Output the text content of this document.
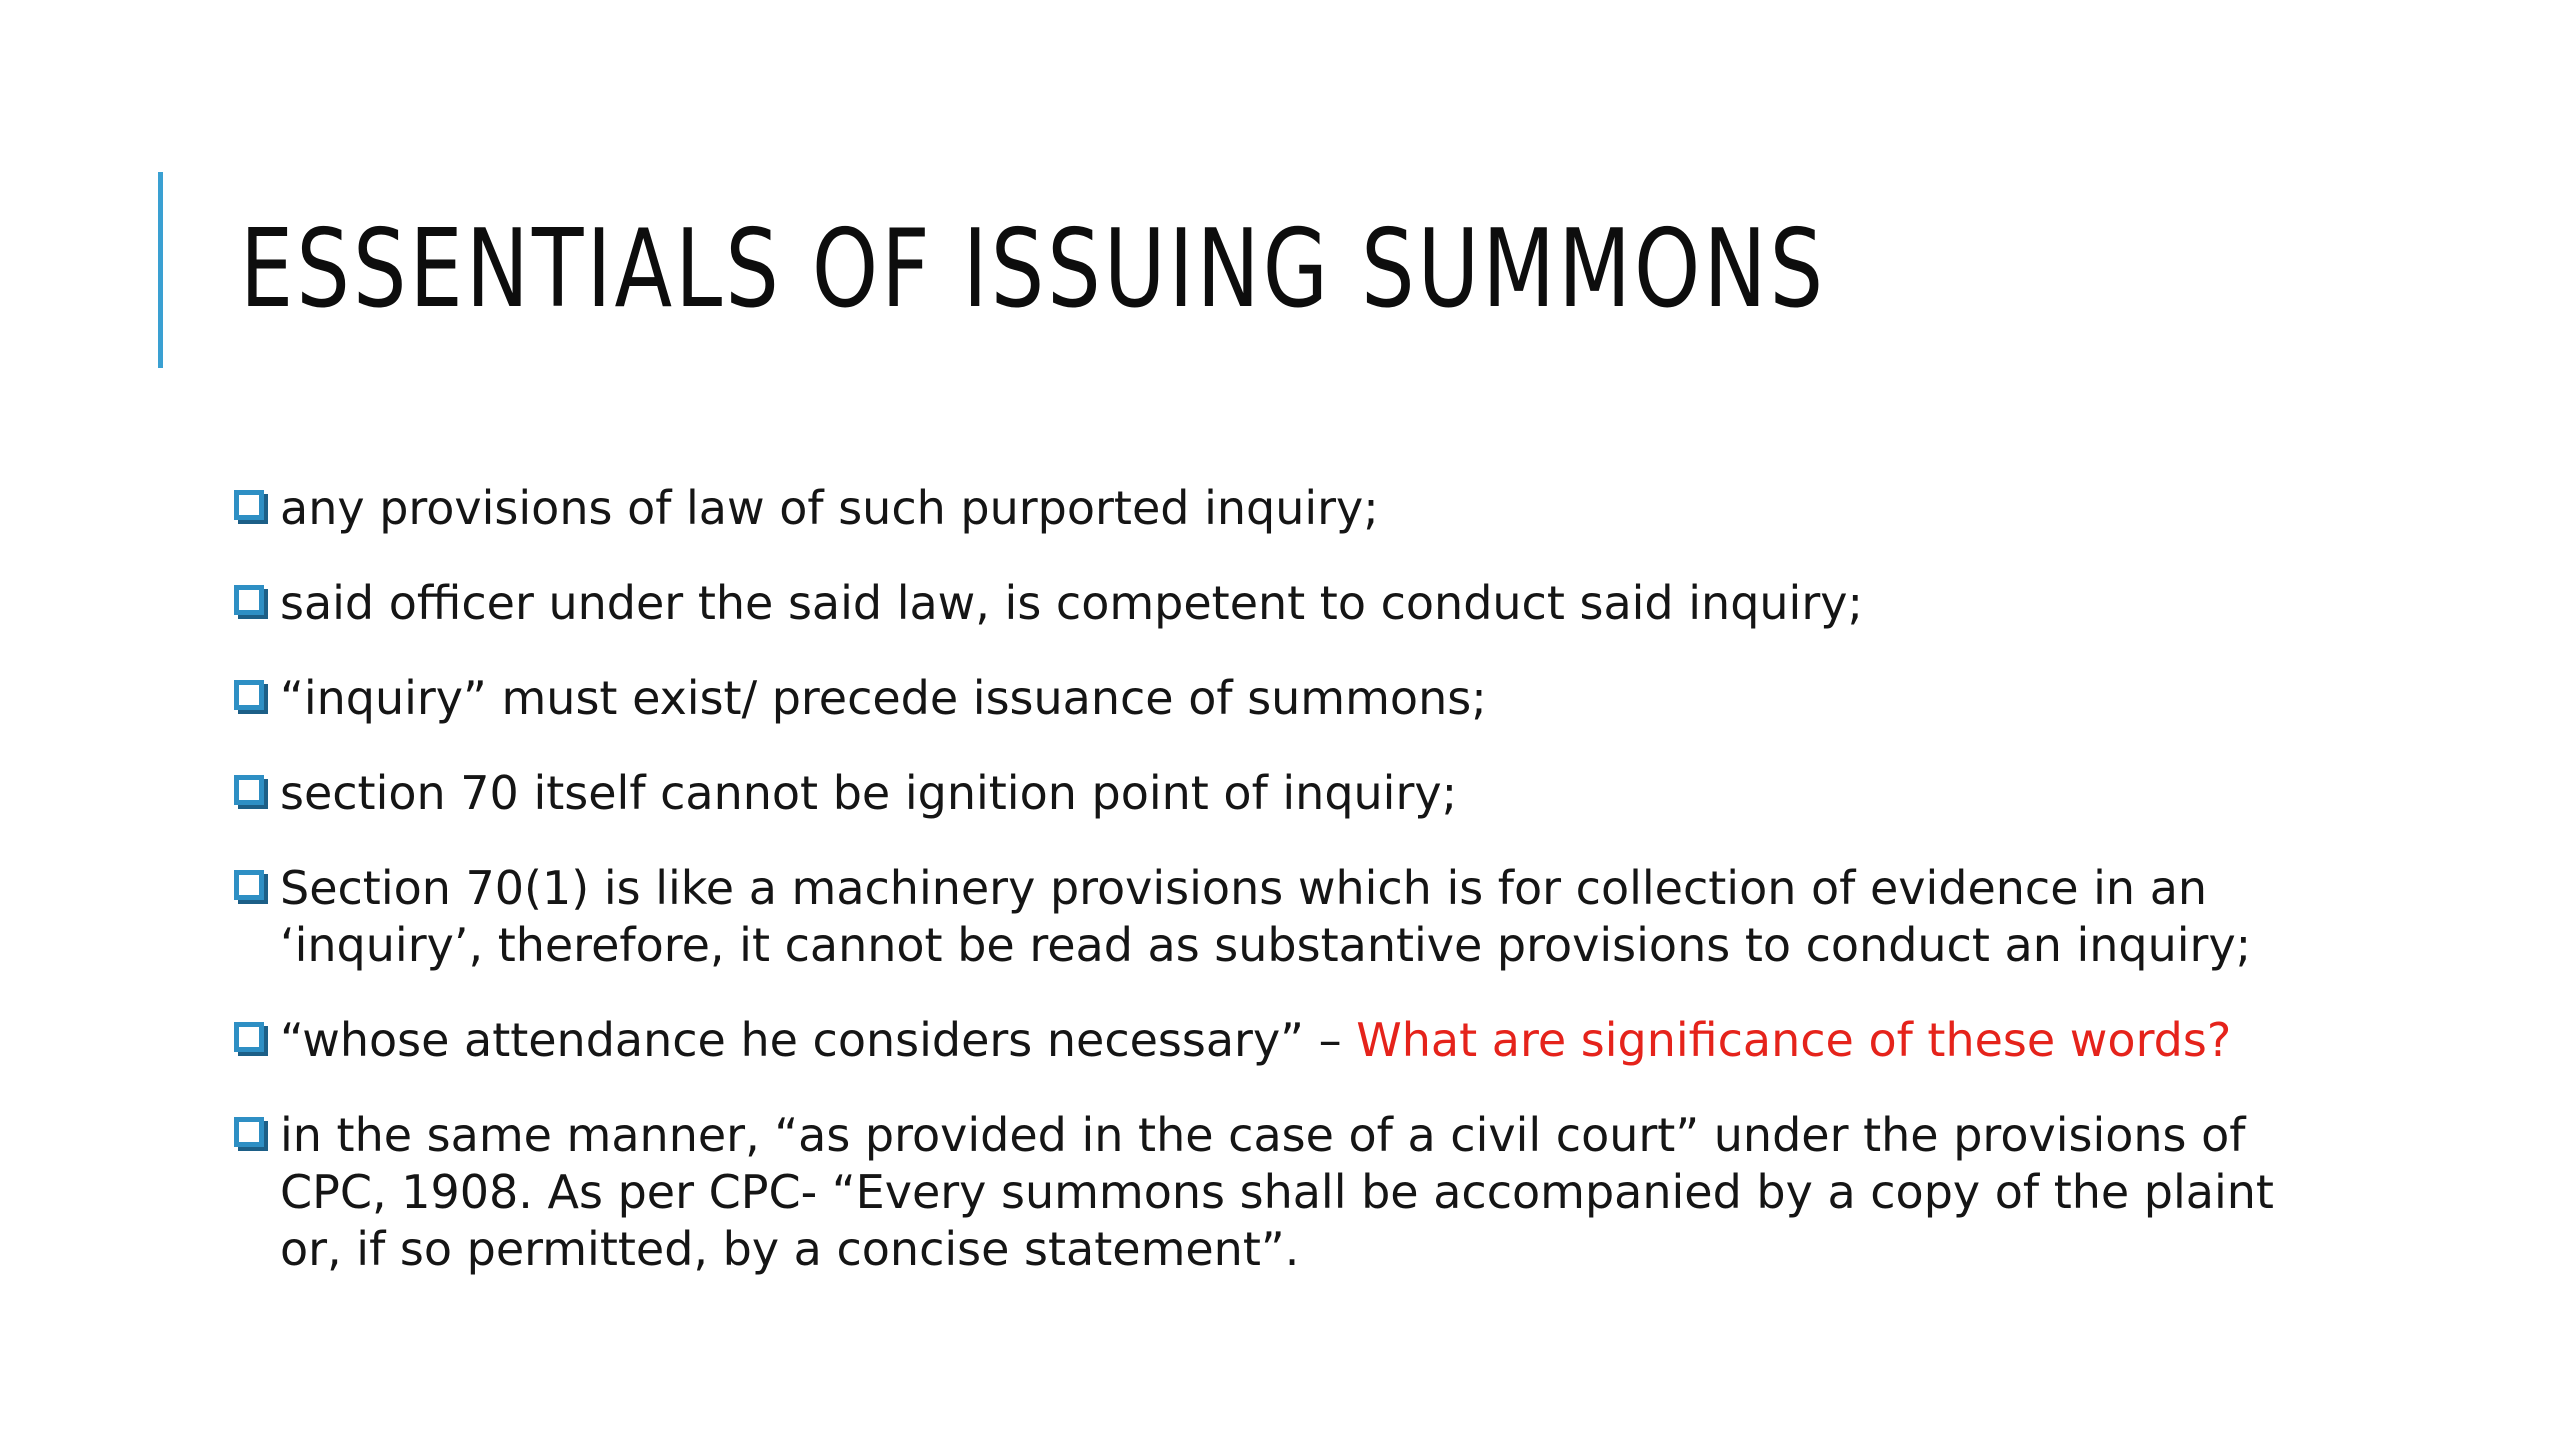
ESSENTIALS OF ISSUING SUMMONS
any provisions of law of such purported inquiry;
said officer under the said law, is competent to conduct said inquiry;
“inquiry” must exist/ precede issuance of summons;
section 70 itself cannot be ignition point of inquiry;
Section 70(1) is like a machinery provisions which is for collection of evidence in an ‘inquiry’, therefore, it cannot be read as substantive provisions to conduct an inquiry;
“whose attendance he considers necessary” – What are significance of these words?
in the same manner, “as provided in the case of a civil court” under the provisions of CPC, 1908. As per CPC- “Every summons shall be accompanied by a copy of the plaint or, if so permitted, by a concise statement”.
